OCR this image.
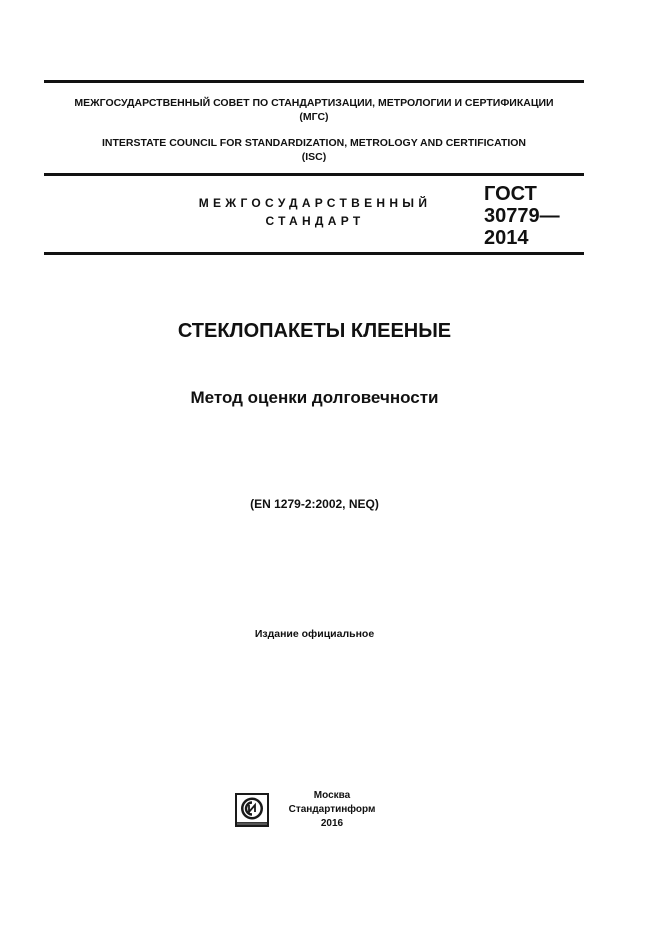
МЕЖГОСУДАРСТВЕННЫЙ СОВЕТ ПО СТАНДАРТИЗАЦИИ, МЕТРОЛОГИИ И СЕРТИФИКАЦИИ
(МГС)
INTERSTATE COUNCIL FOR STANDARDIZATION, METROLOGY AND CERTIFICATION
(ISC)
МЕЖГОСУДАРСТВЕННЫЙ
СТАНДАРТ
ГОСТ
30779—
2014
СТЕКЛОПАКЕТЫ КЛЕЕНЫЕ
Метод оценки долговечности
(EN 1279-2:2002, NEQ)
Издание официальное
Москва
Стандартинформ
2016
